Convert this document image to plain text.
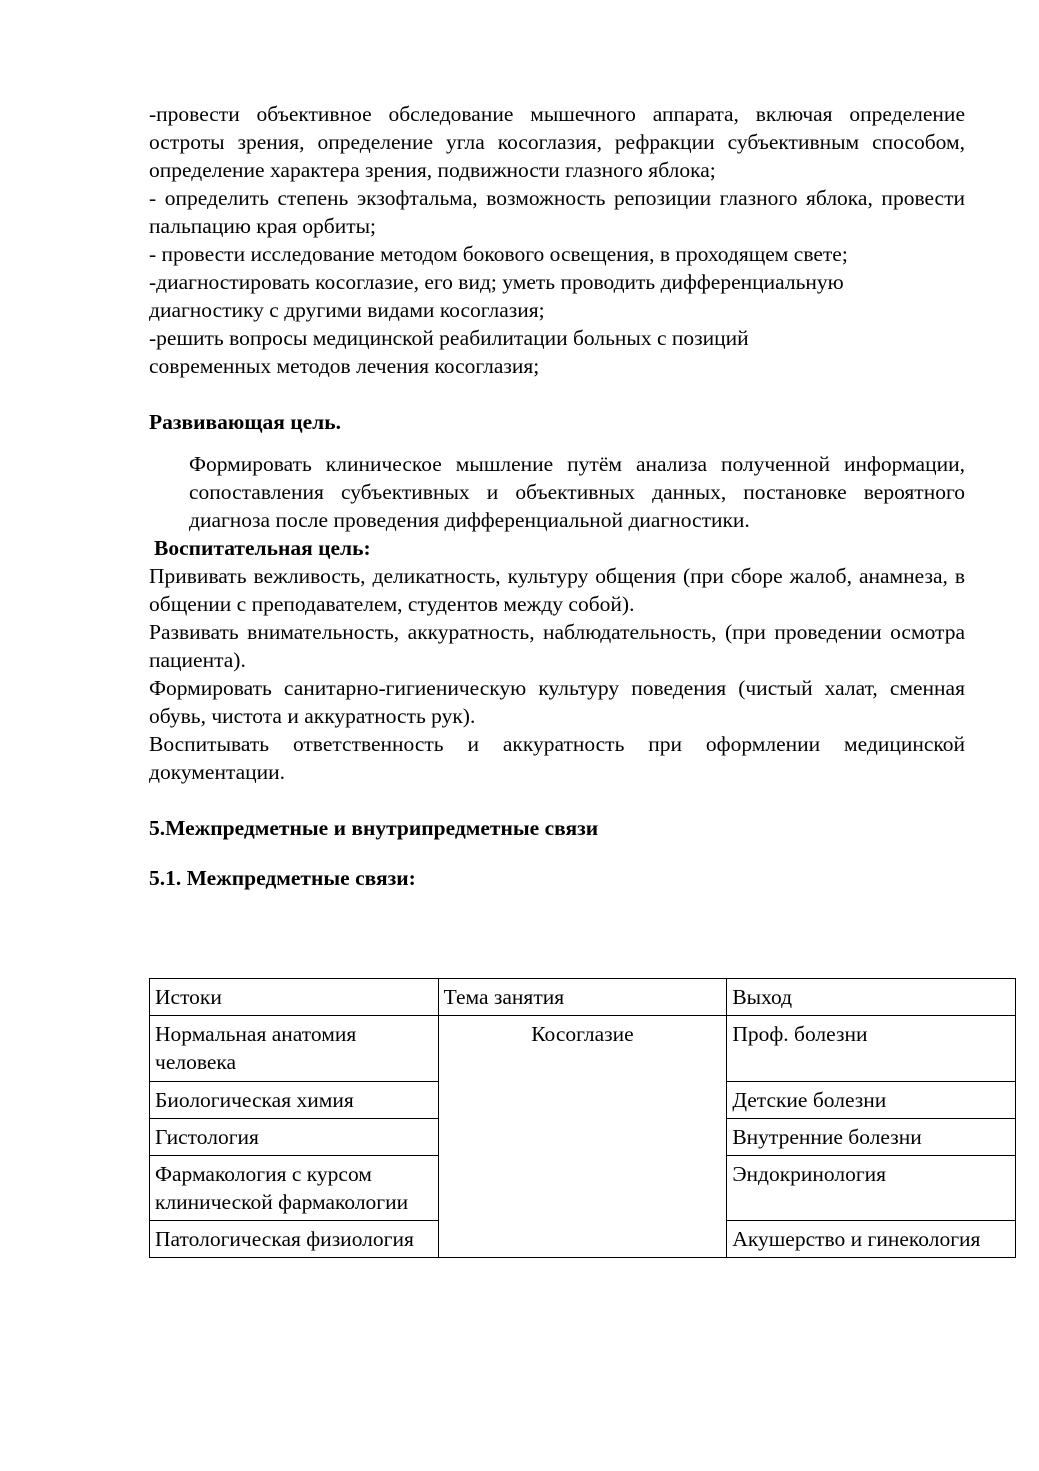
-провести объективное обследование мышечного аппарата, включая определение остроты зрения, определение угла косоглазия, рефракции субъективным способом, определение характера зрения, подвижности глазного яблока;

- определить степень экзофтальма, возможность репозиции глазного яблока, провести пальпацию края орбиты;

- провести исследование методом бокового освещения, в проходящем свете;

-диагностировать косоглазие, его вид; уметь проводить дифференциальную диагностику с другими видами косоглазия;

-решить вопросы медицинской реабилитации больных с позиций современных методов лечения косоглазия;

Развивающая цель.

Формировать клиническое мышление путём анализа полученной информации, сопоставления субъективных и объективных данных, постановке вероятного диагноза после проведения дифференциальной диагностики.

Воспитательная цель:

Прививать вежливость, деликатность, культуру общения (при сборе жалоб, анамнеза, в общении с преподавателем, студентов между собой).

Развивать внимательность, аккуратность, наблюдательность, (при проведении осмотра пациента).

Формировать санитарно-гигиеническую культуру поведения (чистый халат, сменная обувь, чистота и аккуратность рук).

Воспитывать ответственность и аккуратность при оформлении медицинской документации.

5.Межпредметные и внутрипредметные связи

5.1. Межпредметные связи:

Истоки	Тема занятия	Выход
Нормальная анатомия человека	Косоглазие	Проф. болезни
Биологическая химия		Детские болезни
Гистология		Внутренние болезни
Фармакология с курсом клинической фармакологии		Эндокринология
Патологическая физиология		Акушерство и гинекология
